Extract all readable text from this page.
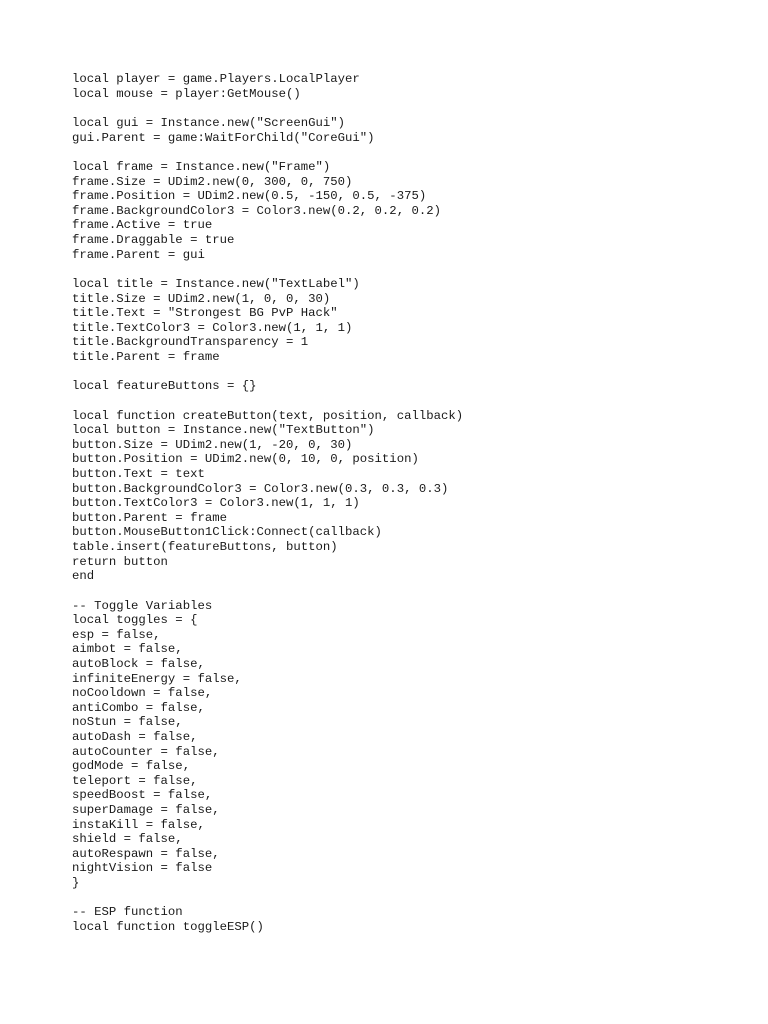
local player = game.Players.LocalPlayer
local mouse = player:GetMouse()
local gui = Instance.new("ScreenGui")
gui.Parent = game:WaitForChild("CoreGui")
local frame = Instance.new("Frame")
frame.Size = UDim2.new(0, 300, 0, 750)
frame.Position = UDim2.new(0.5, -150, 0.5, -375)
frame.BackgroundColor3 = Color3.new(0.2, 0.2, 0.2)
frame.Active = true
frame.Draggable = true
frame.Parent = gui
local title = Instance.new("TextLabel")
title.Size = UDim2.new(1, 0, 0, 30)
title.Text = "Strongest BG PvP Hack"
title.TextColor3 = Color3.new(1, 1, 1)
title.BackgroundTransparency = 1
title.Parent = frame
local featureButtons = {}
local function createButton(text, position, callback)
local button = Instance.new("TextButton")
button.Size = UDim2.new(1, -20, 0, 30)
button.Position = UDim2.new(0, 10, 0, position)
button.Text = text
button.BackgroundColor3 = Color3.new(0.3, 0.3, 0.3)
button.TextColor3 = Color3.new(1, 1, 1)
button.Parent = frame
button.MouseButton1Click:Connect(callback)
table.insert(featureButtons, button)
return button
end
-- Toggle Variables
local toggles = {
esp = false,
aimbot = false,
autoBlock = false,
infiniteEnergy = false,
noCooldown = false,
antiCombo = false,
noStun = false,
autoDash = false,
autoCounter = false,
godMode = false,
teleport = false,
speedBoost = false,
superDamage = false,
instaKill = false,
shield = false,
autoRespawn = false,
nightVision = false
}
-- ESP function
local function toggleESP()
